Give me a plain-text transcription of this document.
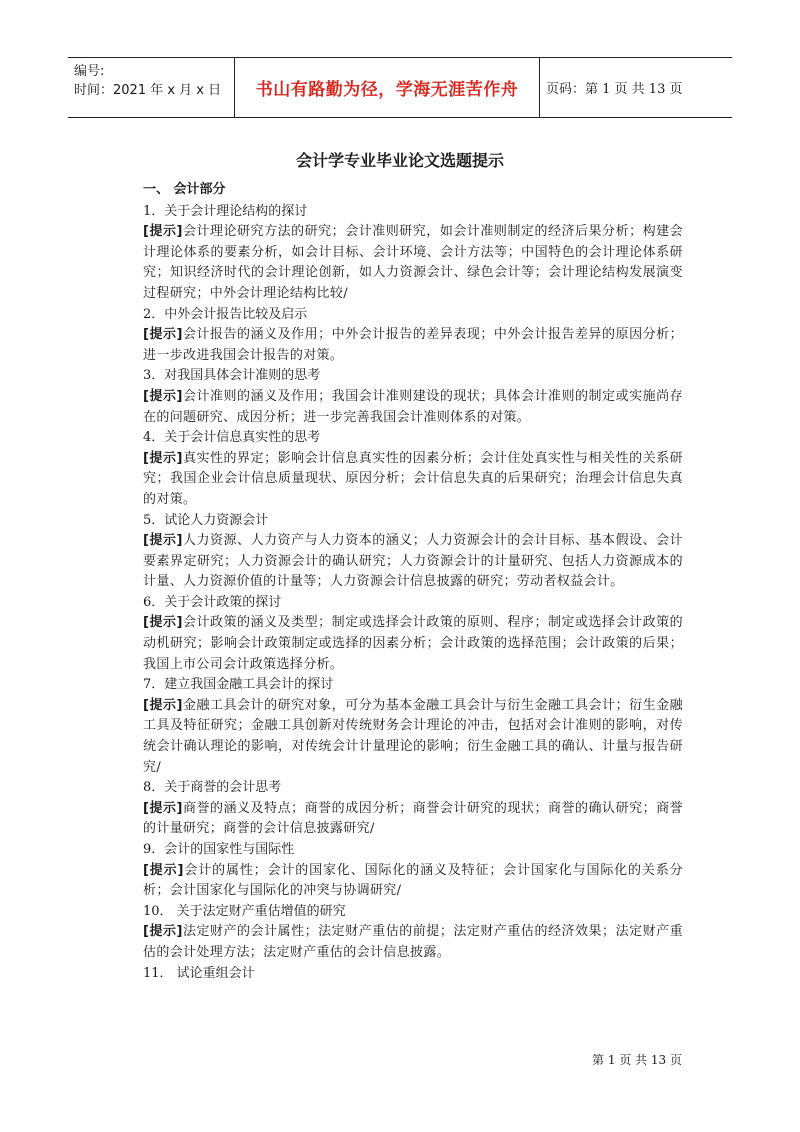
编号:
时间：2021 年 x 月 x 日	书山有路勤为径，学海无涯苦作舟	页码：第 1 页 共 13 页
会计学专业毕业论文选题提示
一、 会计部分

1．关于会计理论结构的探讨

[提示]会计理论研究方法的研究；会计准则研究，如会计准则制定的经济后果分析；构建会计理论体系的要素分析，如会计目标、会计环境、会计方法等；中国特色的会计理论体系研究；知识经济时代的会计理论创新，如人力资源会计、绿色会计等；会计理论结构发展演变过程研究；中外会计理论结构比较/

2．中外会计报告比较及启示

[提示]会计报告的涵义及作用；中外会计报告的差异表现；中外会计报告差异的原因分析；进一步改进我国会计报告的对策。

3．对我国具体会计准则的思考

[提示]会计准则的涵义及作用；我国会计准则建设的现状；具体会计准则的制定或实施尚存在的问题研究、成因分析；进一步完善我国会计准则体系的对策。

4．关于会计信息真实性的思考

[提示]真实性的界定；影响会计信息真实性的因素分析；会计住处真实性与相关性的关系研究；我国企业会计信息质量现状、原因分析；会计信息失真的后果研究；治理会计信息失真的对策。

5．试论人力资源会计

[提示]人力资源、人力资产与人力资本的涵义；人力资源会计的会计目标、基本假设、会计要素界定研究；人力资源会计的确认研究；人力资源会计的计量研究、包括人力资源成本的计量、人力资源价值的计量等；人力资源会计信息披露的研究；劳动者权益会计。

6．关于会计政策的探讨

[提示]会计政策的涵义及类型；制定或选择会计政策的原则、程序；制定或选择会计政策的动机研究；影响会计政策制定或选择的因素分析；会计政策的选择范围；会计政策的后果；我国上市公司会计政策选择分析。

7．建立我国金融工具会计的探讨

[提示]金融工具会计的研究对象，可分为基本金融工具会计与衍生金融工具会计；衍生金融工具及特征研究；金融工具创新对传统财务会计理论的冲击，包括对会计准则的影响，对传统会计确认理论的影响，对传统会计计量理论的影响；衍生金融工具的确认、计量与报告研究/

8．关于商誉的会计思考

[提示]商誉的涵义及特点；商誉的成因分析；商誉会计研究的现状；商誉的确认研究；商誉的计量研究；商誉的会计信息披露研究/

9．会计的国家性与国际性

[提示]会计的属性；会计的国家化、国际化的涵义及特征；会计国家化与国际化的关系分析；会计国家化与国际化的冲突与协调研究/

10． 关于法定财产重估增值的研究

[提示]法定财产的会计属性；法定财产重估的前提；法定财产重估的经济效果；法定财产重估的会计处理方法；法定财产重估的会计信息披露。

11． 试论重组会计

第 1 页 共 13 页
